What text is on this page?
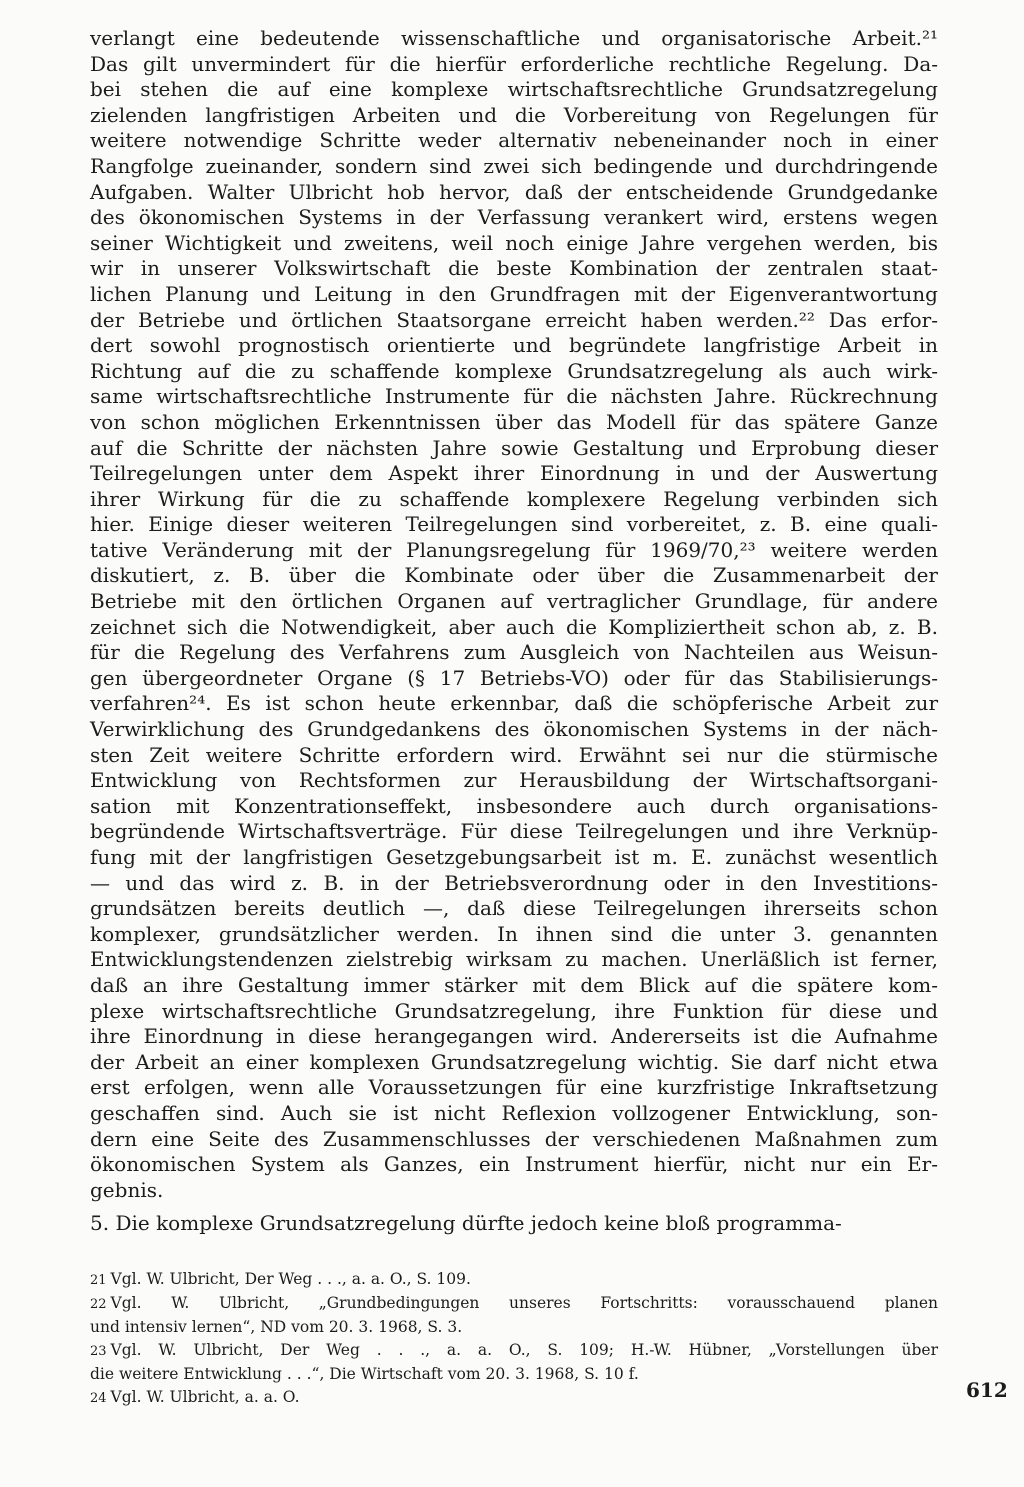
verlangt eine bedeutende wissenschaftliche und organisatorische Arbeit.²¹
Das gilt unvermindert für die hierfür erforderliche rechtliche Regelung. Da-
bei stehen die auf eine komplexe wirtschaftsrechtliche Grundsatzregelung
zielenden langfristigen Arbeiten und die Vorbereitung von Regelungen für
weitere notwendige Schritte weder alternativ nebeneinander noch in einer
Rangfolge zueinander, sondern sind zwei sich bedingende und durchdringende
Aufgaben. Walter Ulbricht hob hervor, daß der entscheidende Grundgedanke
des ökonomischen Systems in der Verfassung verankert wird, erstens wegen
seiner Wichtigkeit und zweitens, weil noch einige Jahre vergehen werden, bis
wir in unserer Volkswirtschaft die beste Kombination der zentralen staat-
lichen Planung und Leitung in den Grundfragen mit der Eigenverantwortung
der Betriebe und örtlichen Staatsorgane erreicht haben werden.²² Das erfor-
dert sowohl prognostisch orientierte und begründete langfristige Arbeit in
Richtung auf die zu schaffende komplexe Grundsatzregelung als auch wirk-
same wirtschaftsrechtliche Instrumente für die nächsten Jahre. Rückrechnung
von schon möglichen Erkenntnissen über das Modell für das spätere Ganze
auf die Schritte der nächsten Jahre sowie Gestaltung und Erprobung dieser
Teilregelungen unter dem Aspekt ihrer Einordnung in und der Auswertung
ihrer Wirkung für die zu schaffende komplexere Regelung verbinden sich
hier. Einige dieser weiteren Teilregelungen sind vorbereitet, z. B. eine quali-
tative Veränderung mit der Planungsregelung für 1969/70,²³ weitere werden
diskutiert, z. B. über die Kombinate oder über die Zusammenarbeit der
Betriebe mit den örtlichen Organen auf vertraglicher Grundlage, für andere
zeichnet sich die Notwendigkeit, aber auch die Kompliziertheit schon ab, z. B.
für die Regelung des Verfahrens zum Ausgleich von Nachteilen aus Weisun-
gen übergeordneter Organe (§ 17 Betriebs-VO) oder für das Stabilisierungs-
verfahren²⁴. Es ist schon heute erkennbar, daß die schöpferische Arbeit zur
Verwirklichung des Grundgedankens des ökonomischen Systems in der näch-
sten Zeit weitere Schritte erfordern wird. Erwähnt sei nur die stürmische
Entwicklung von Rechtsformen zur Herausbildung der Wirtschaftsorgani-
sation mit Konzentrationseffekt, insbesondere auch durch organisations-
begründende Wirtschaftsverträge. Für diese Teilregelungen und ihre Verknüp-
fung mit der langfristigen Gesetzgebungsarbeit ist m. E. zunächst wesentlich
— und das wird z. B. in der Betriebsverordnung oder in den Investitions-
grundsätzen bereits deutlich —, daß diese Teilregelungen ihrerseits schon
komplexer, grundsätzlicher werden. In ihnen sind die unter 3. genannten
Entwicklungstendenzen zielstrebig wirksam zu machen. Unerläßlich ist ferner,
daß an ihre Gestaltung immer stärker mit dem Blick auf die spätere kom-
plexe wirtschaftsrechtliche Grundsatzregelung, ihre Funktion für diese und
ihre Einordnung in diese herangegangen wird. Andererseits ist die Aufnahme
der Arbeit an einer komplexen Grundsatzregelung wichtig. Sie darf nicht etwa
erst erfolgen, wenn alle Voraussetzungen für eine kurzfristige Inkraftsetzung
geschaffen sind. Auch sie ist nicht Reflexion vollzogener Entwicklung, son-
dern eine Seite des Zusammenschlusses der verschiedenen Maßnahmen zum
ökonomischen System als Ganzes, ein Instrument hierfür, nicht nur ein Er-
gebnis.
5. Die komplexe Grundsatzregelung dürfte jedoch keine bloß programma-
21 Vgl. W. Ulbricht, Der Weg . . ., a. a. O., S. 109.
22 Vgl. W. Ulbricht, „Grundbedingungen unseres Fortschritts: vorausschauend planen
und intensiv lernen“, ND vom 20. 3. 1968, S. 3.
23 Vgl. W. Ulbricht, Der Weg . . ., a. a. O., S. 109; H.-W. Hübner, „Vorstellungen über
die weitere Entwicklung . . .“, Die Wirtschaft vom 20. 3. 1968, S. 10 f.
24 Vgl. W. Ulbricht, a. a. O.	612
